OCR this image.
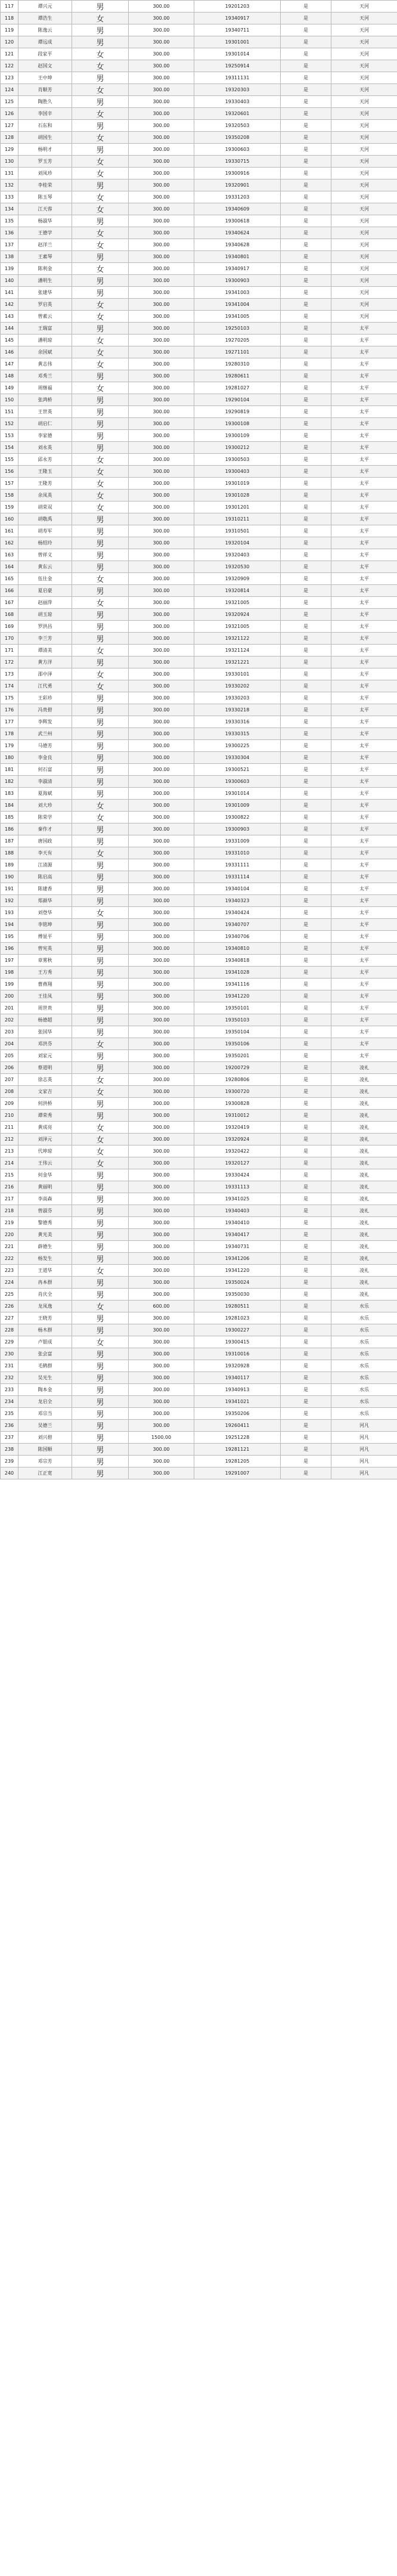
117	谭兴元	男	300.00	19201203	是	天河
118	谭浩生	女	300.00	19340917	是	天河
119	陈逸云	男	300.00	19340711	是	天河
120	谭远成	男	300.00	19301001	是	天河
121	段家平	女	300.00	19301014	是	天河
122	赵国文	女	300.00	19250914	是	天河
123	王中坤	男	300.00	19311131	是	天河
124	肖顺芳	女	300.00	19320303	是	天河
125	陶胜久	男	300.00	19330403	是	天河
126	李国辛	女	300.00	19320601	是	天河
127	石东和	男	300.00	19320503	是	天河
128	胡国生	女	300.00	19350208	是	天河
129	杨明才	男	300.00	19300603	是	天河
130	罗玉芳	女	300.00	19330715	是	天河
131	刘凤珍	女	300.00	19300916	是	天河
132	李桂荣	男	300.00	19320901	是	天河
133	陈玉琴	女	300.00	19331203	是	天河
134	江天蓉	女	300.00	19340609	是	天河
135	杨淑华	男	300.00	19300618	是	天河
136	王德学	女	300.00	19340624	是	天河
137	赵洋兰	女	300.00	19340628	是	天河
138	王素琴	男	300.00	19340801	是	天河
139	陈利金	女	300.00	19340917	是	天河
140	潘明生	男	300.00	19300903	是	天河
141	张建华	男	300.00	19341003	是	天河
142	罗启英	女	300.00	19341004	是	天河
143	曾素云	女	300.00	19341005	是	天河
144	王瑞富	男	300.00	19250103	是	太平
145	潘明琼	女	300.00	19270205	是	太平
146	余国斌	女	300.00	19271101	是	太平
147	黄志伟	女	300.00	19280310	是	太平
148	邓秀兰	男	300.00	19280611	是	太平
149	周继福	女	300.00	19281027	是	太平
150	张鸿桥	男	300.00	19290104	是	太平
151	王世英	男	300.00	19290819	是	太平
152	胡启仁	男	300.00	19300108	是	太平
153	李家德	男	300.00	19300109	是	太平
154	刘永英	男	300.00	19300212	是	太平
155	邱永芳	女	300.00	19300503	是	太平
156	王隆玉	女	300.00	19300403	是	太平
157	王隆芳	女	300.00	19301019	是	太平
158	余凤英	女	300.00	19301028	是	太平
159	胡荣双	女	300.00	19301201	是	太平
160	胡敬禹	男	300.00	19310211	是	太平
161	胡寿军	男	300.00	19310501	是	太平
162	杨绍玲	男	300.00	19320104	是	太平
163	曾祥义	男	300.00	19320403	是	太平
164	黄东云	男	300.00	19320530	是	太平
165	伍仕金	女	300.00	19320909	是	太平
166	夏启豪	男	300.00	19320814	是	太平
167	赵丽萍	女	300.00	19321005	是	太平
168	胡玉琼	男	300.00	19320924	是	太平
169	罗洪昌	男	300.00	19321005	是	太平
170	李兰芳	男	300.00	19321122	是	太平
171	谭清美	女	300.00	19321124	是	太平
172	黄方洋	男	300.00	19321221	是	太平
173	邵中泽	女	300.00	19330101	是	太平
174	江代勇	女	300.00	19330202	是	太平
175	王彩珍	男	300.00	19330203	是	太平
176	冯贵碧	男	300.00	19330218	是	太平
177	李辉发	男	300.00	19330316	是	太平
178	武兰州	男	300.00	19330315	是	太平
179	马德芳	男	300.00	19300225	是	太平
180	李金良	男	300.00	19330304	是	太平
181	何石富	男	300.00	19300521	是	太平
182	李淑清	男	300.00	19300603	是	太平
183	夏海斌	男	300.00	19301014	是	太平
184	刘大珍	女	300.00	19301009	是	太平
185	陈荣学	女	300.00	19300822	是	太平
186	秦作才	男	300.00	19300903	是	太平
187	唐国政	男	300.00	19331009	是	太平
188	李天有	女	300.00	19331010	是	太平
189	江清源	男	300.00	19331111	是	太平
190	陈启高	男	300.00	19331114	是	太平
191	陈建香	男	300.00	19340104	是	太平
192	郑颜华	男	300.00	19340323	是	太平
193	刘登华	女	300.00	19340424	是	太平
194	李铭坤	男	300.00	19340707	是	太平
195	傅显平	男	300.00	19340706	是	太平
196	曾宪英	男	300.00	19340810	是	太平
197	章雾秋	男	300.00	19340818	是	太平
198	王方秀	男	300.00	19341028	是	太平
199	曹燕翔	男	300.00	19341116	是	太平
200	王佳凤	男	300.00	19341220	是	太平
201	周世贵	男	300.00	19350101	是	太平
202	杨德超	男	300.00	19350103	是	太平
203	张国华	男	300.00	19350104	是	太平
204	邓洪芬	女	300.00	19350106	是	太平
205	刘家元	男	300.00	19350201	是	太平
206	蔡道明	男	300.00	19200729	是	凌礼
207	徐志英	女	300.00	19280806	是	凌礼
208	文家吉	女	300.00	19300720	是	凌礼
209	何洪桥	男	300.00	19300828	是	凌礼
210	谭荣秀	男	300.00	19310012	是	凌礼
211	黄成亮	女	300.00	19320419	是	凌礼
212	刘泽元	女	300.00	19320924	是	凌礼
213	代坤琼	女	300.00	19320422	是	凌礼
214	王伟云	女	300.00	19320127	是	凌礼
215	何金华	男	300.00	19330424	是	凌礼
216	黄丽明	男	300.00	19331113	是	凌礼
217	李高森	男	300.00	19341025	是	凌礼
218	曾淑芬	男	300.00	19340403	是	凌礼
219	黎德秀	男	300.00	19340410	是	凌礼
220	黄光美	男	300.00	19340417	是	凌礼
221	薛德生	男	300.00	19340731	是	凌礼
222	杨发生	男	300.00	19341206	是	凌礼
223	王道华	女	300.00	19341220	是	凌礼
224	冉本群	男	300.00	19350024	是	凌礼
225	肖庆全	男	300.00	19350030	是	凌礼
226	龙凤逸	女	600.00	19280511	是	水乐
227	王晓芳	男	300.00	19281023	是	水乐
228	杨木群	男	300.00	19300227	是	水乐
229	卢银成	女	300.00	19300415	是	水乐
230	张会富	男	300.00	19310016	是	水乐
231	毛鹤群	男	300.00	19320928	是	水乐
232	吴光生	男	300.00	19340117	是	水乐
233	陶本金	男	300.00	19340913	是	水乐
234	龙启全	男	300.00	19341021	是	水乐
235	邓宗当	男	300.00	19350206	是	水乐
236	吴德兰	男	300.00	19260411	是	河凡
237	刘兴碧	男	1500.00	19251228	是	河凡
238	陈国顺	男	300.00	19281121	是	河凡
239	邓宗芳	男	300.00	19281205	是	河凡
240	江正宽	男	300.00	19291007	是	河凡
